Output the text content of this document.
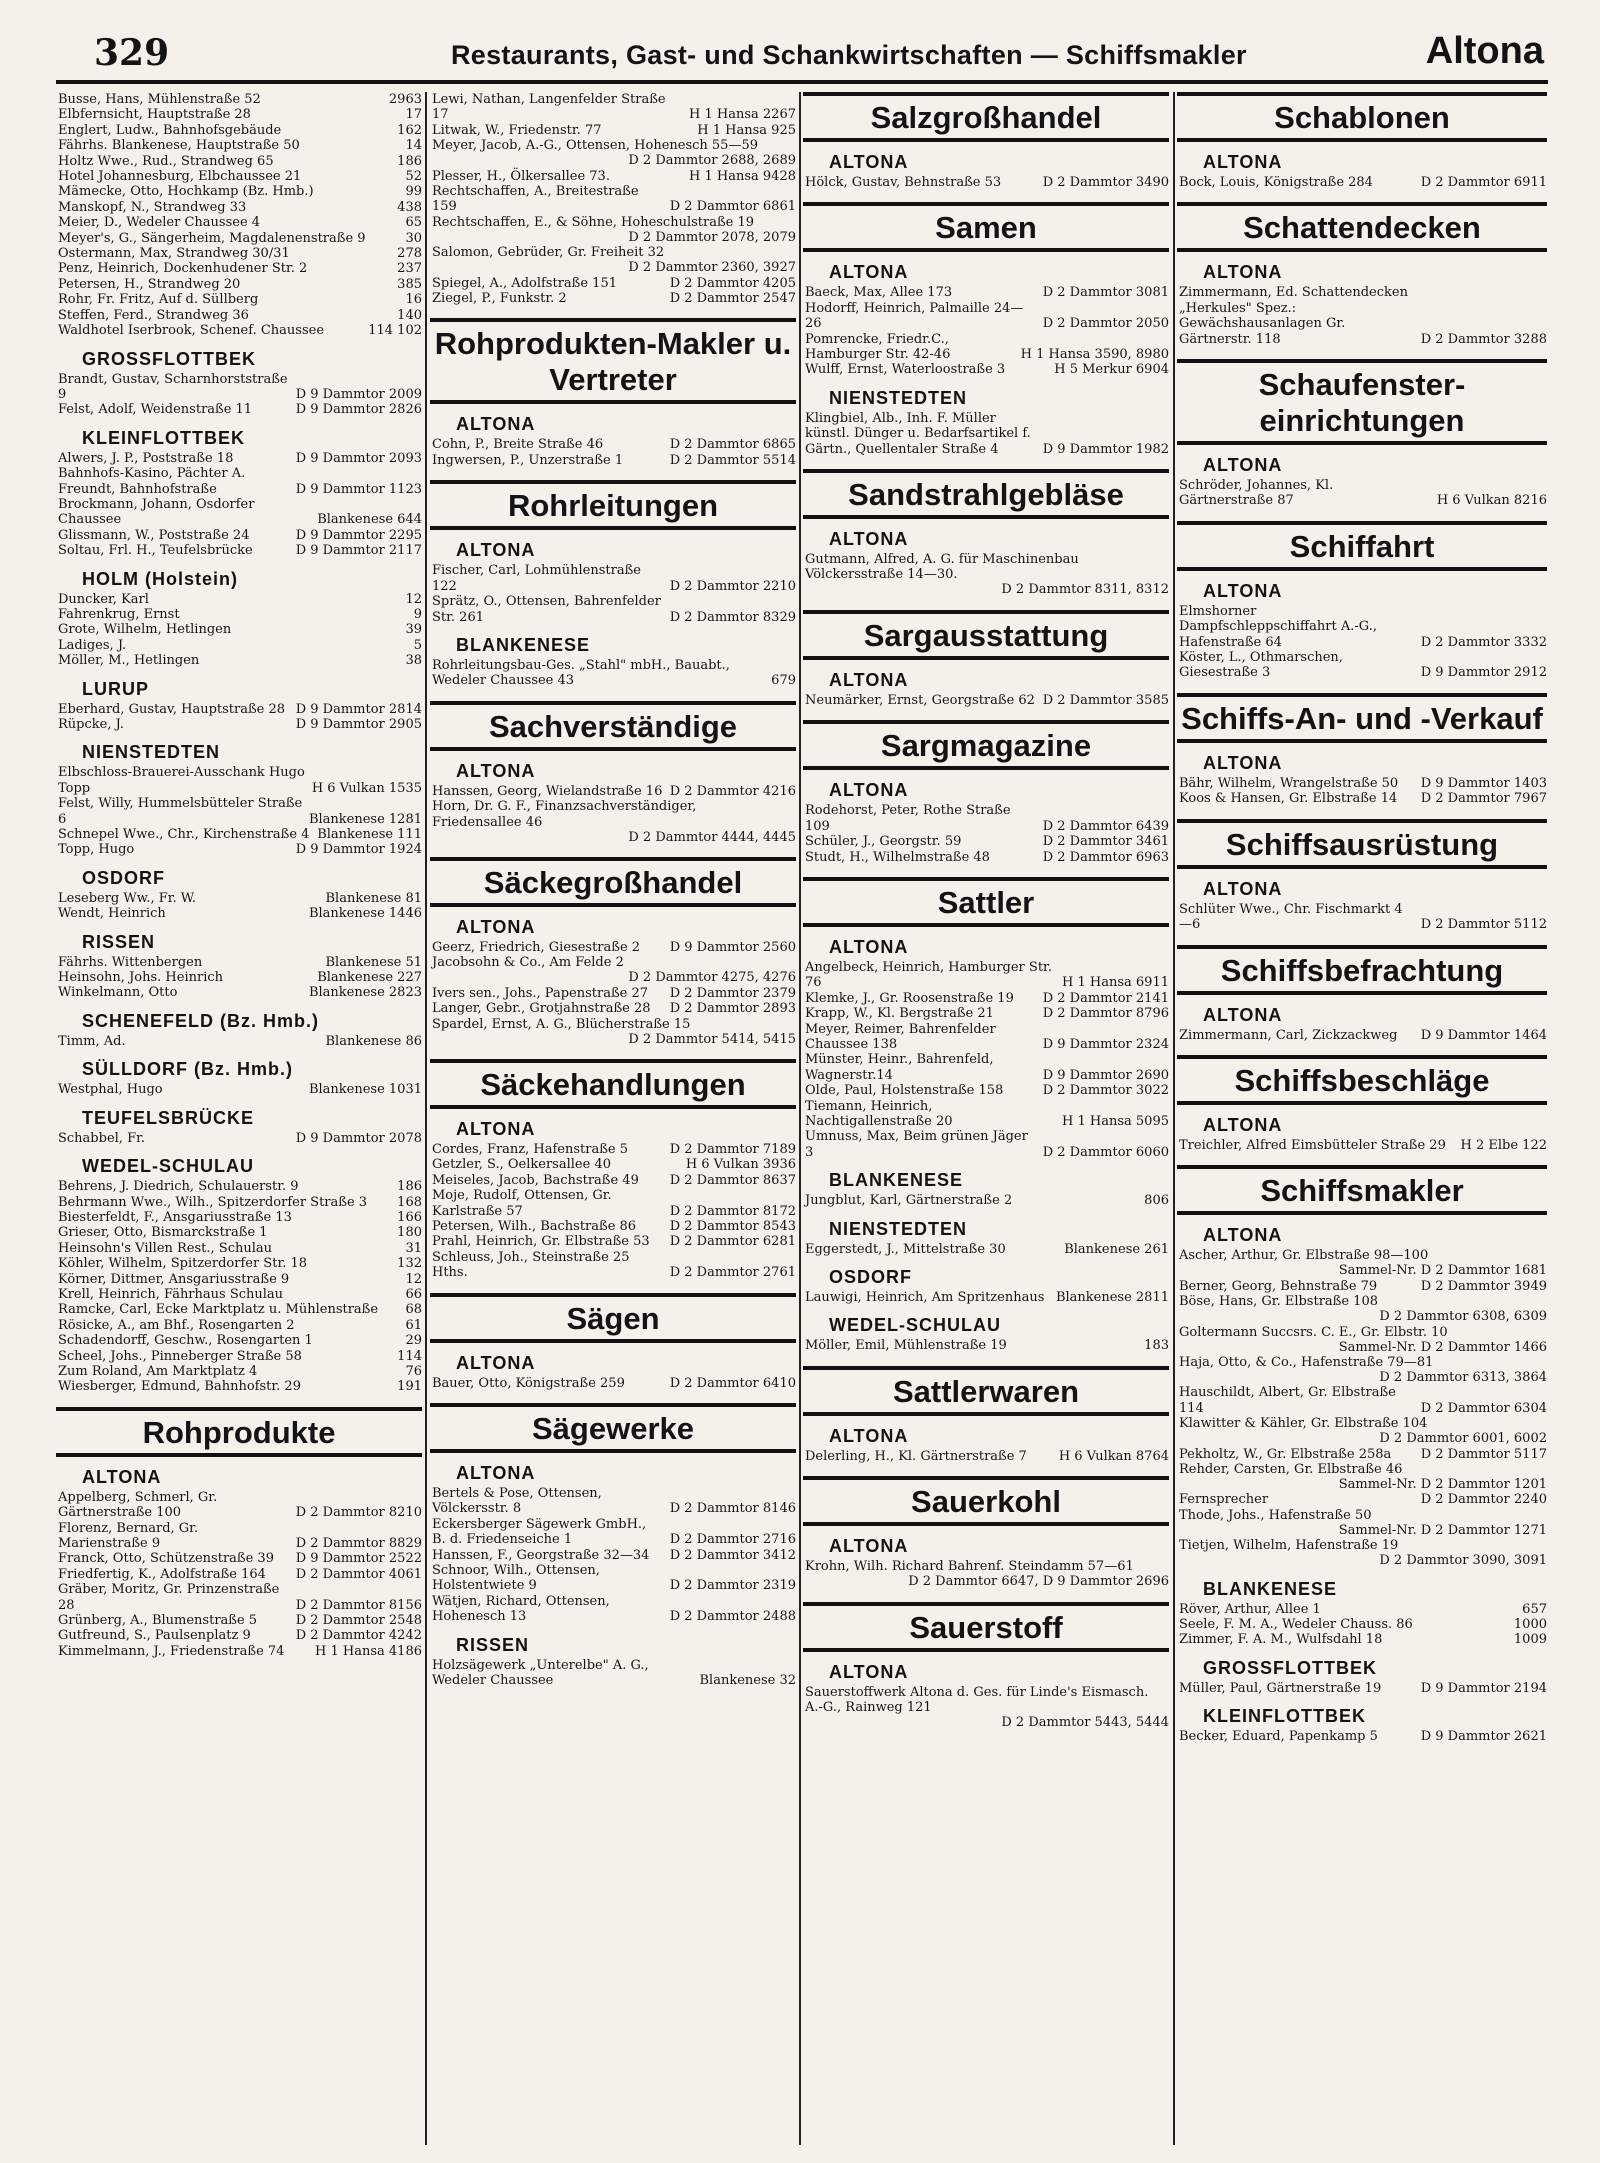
329	Restaurants, Gast- und Schankwirtschaften — Schiffsmakler	Altona
Busse, Hans, Mühlenstraße 52	2963
Elbfernsicht, Hauptstraße 28	17
Englert, Ludw., Bahnhofsgebäude	162
Fährhs. Blankenese, Hauptstraße 50	14
Holtz Wwe., Rud., Strandweg 65	186
Hotel Johannesburg, Elbchaussee 21	52
Mämecke, Otto, Hochkamp (Bz. Hmb.)	99
Manskopf, N., Strandweg 33	438
Meier, D., Wedeler Chaussee 4	65
Meyer's, G., Sängerheim, Magdalenenstraße 9	30
Ostermann, Max, Strandweg 30/31	278
Penz, Heinrich, Dockenhudener Str. 2	237
Petersen, H., Strandweg 20	385
Rohr, Fr. Fritz, Auf d. Süllberg	16
Steffen, Ferd., Strandweg 36	140
Waldhotel Iserbrook, Schenef. Chaussee	114 102
GROSSFLOTTBEK
Brandt, Gustav, Scharnhorststraße 9	D 9 Dammtor 2009
Felst, Adolf, Weidenstraße 11	D 9 Dammtor 2826
KLEINFLOTTBEK
Alwers, J. P., Poststraße 18	D 9 Dammtor 2093
Bahnhofs-Kasino, Pächter A. Freundt, Bahnhofstraße	D 9 Dammtor 1123
Brockmann, Johann, Osdorfer Chaussee	Blankenese 644
Glissmann, W., Poststraße 24	D 9 Dammtor 2295
Soltau, Frl. H., Teufelsbrücke	D 9 Dammtor 2117
HOLM (Holstein)
Duncker, Karl	12
Fahrenkrug, Ernst	9
Grote, Wilhelm, Hetlingen	39
Ladiges, J.	5
Möller, M., Hetlingen	38
LURUP
Eberhard, Gustav, Hauptstraße 28 D 9 Dammtor 2814
Rüpcke, J.	D 9 Dammtor 2905
NIENSTEDTEN
Elbschloss-Brauerei-Ausschank Hugo Topp	H 6 Vulkan 1535
Felst, Willy, Hummelsbütteler Straße 6	Blankenese 1281
Schnepel Wwe., Chr., Kirchenstraße 4 Blankenese 111
Topp, Hugo	D 9 Dammtor 1924
OSDORF
Leseberg Ww., Fr. W.	Blankenese 81
Wendt, Heinrich	Blankenese 1446
RISSEN
Fährhs. Wittenbergen	Blankenese 51
Heinsohn, Johs. Heinrich	Blankenese 227
Winkelmann, Otto	Blankenese 2823
SCHENEFELD (Bz. Hmb.)
Timm, Ad.	Blankenese 86
SÜLLDORF (Bz. Hmb.)
Westphal, Hugo	Blankenese 1031
TEUFELSBRÜCKE
Schabbel, Fr.	D 9 Dammtor 2078
WEDEL-SCHULAU
Behrens, J. Diedrich, Schulauerstr. 9	186
Behrmann Wwe., Wilh., Spitzerdorfer Straße 3 168
Biesterfeldt, F., Ansgariusstraße 13	166
Grieser, Otto, Bismarckstraße 1	180
Heinsohn's Villen Rest., Schulau	31
Köhler, Wilhelm, Spitzerdorfer Str. 18	132
Körner, Dittmer, Ansgariusstraße 9	12
Krell, Heinrich, Fährhaus Schulau	66
Ramcke, Carl, Ecke Marktplatz u. Mühlenstraße 68
Rösicke, A., am Bhf., Rosengarten 2	61
Schadendorff, Geschw., Rosengarten 1	29
Scheel, Johs., Pinneberger Straße 58	114
Zum Roland, Am Marktplatz 4	76
Wiesberger, Edmund, Bahnhofstr. 29	191
Rohprodukte
ALTONA
Appelberg, Schmerl, Gr. Gärtnerstraße 100	D 2 Dammtor 8210
Florenz, Bernard, Gr. Marienstraße 9	D 2 Dammtor 8829
Franck, Otto, Schützenstraße 39 D 9 Dammtor 2522
Friedfertig, K., Adolfstraße 164 D 2 Dammtor 4061
Gräber, Moritz, Gr. Prinzenstraße 28	D 2 Dammtor 8156
Grünberg, A., Blumenstraße 5	D 2 Dammtor 2548
Gutfreund, S., Paulsenplatz 9	D 2 Dammtor 4242
Kimmelmann, J., Friedenstraße 74 H 1 Hansa 4186
Lewi, Nathan, Langenfelder Straße 17	H 1 Hansa 2267
Litwak, W., Friedenstr. 77	H 1 Hansa 925
Meyer, Jacob, A.-G., Ottensen, Hohenesch 55—59
D 2 Dammtor 2688, 2689
Plesser, H., Ölkersallee 73.	H 1 Hansa 9428
Rechtschaffen, A., Breitestraße 159	D 2 Dammtor 6861
Rechtschaffen, E., & Söhne, Hoheschulstraße 19
D 2 Dammtor 2078, 2079
Salomon, Gebrüder, Gr. Freiheit 32
D 2 Dammtor 2360, 3927
Spiegel, A., Adolfstraße 151	D 2 Dammtor 4205
Ziegel, P., Funkstr. 2	D 2 Dammtor 2547
Rohprodukten-Makler u. Vertreter
ALTONA
Cohn, P., Breite Straße 46	D 2 Dammtor 6865
Ingwersen, P., Unzerstraße 1	D 2 Dammtor 5514
Rohrleitungen
ALTONA
Fischer, Carl, Lohmühlenstraße 122	D 2 Dammtor 2210
Sprätz, O., Ottensen, Bahrenfelder Str. 261	D 2 Dammtor 8329
BLANKENESE
Rohrleitungsbau-Ges. „Stahl" mbH., Bauabt., Wedeler Chaussee 43	679
Sachverständige
ALTONA
Hanssen, Georg, Wielandstraße 16 D 2 Dammtor 4216
Horn, Dr. G. F., Finanzsachverständiger, Friedensallee 46
D 2 Dammtor 4444, 4445
Säckegroßhandel
ALTONA
Geerz, Friedrich, Giesestraße 2 D 9 Dammtor 2560
Jacobsohn & Co., Am Felde 2
D 2 Dammtor 4275, 4276
Ivers sen., Johs., Papenstraße 27 D 2 Dammtor 2379
Langer, Gebr., Grotjahnstraße 28 D 2 Dammtor 2893
Spardel, Ernst, A. G., Blücherstraße 15
D 2 Dammtor 5414, 5415
Säckehandlungen
ALTONA
Cordes, Franz, Hafenstraße 5	D 2 Dammtor 7189
Getzler, S., Oelkersallee 40	H 6 Vulkan 3936
Meiseles, Jacob, Bachstraße 49 D 2 Dammtor 8637
Moje, Rudolf, Ottensen, Gr. Karlstraße 57	D 2 Dammtor 8172
Petersen, Wilh., Bachstraße 86	D 2 Dammtor 8543
Prahl, Heinrich, Gr. Elbstraße 53 D 2 Dammtor 6281
Schleuss, Joh., Steinstraße 25 Hths.	D 2 Dammtor 2761
Sägen
ALTONA
Bauer, Otto, Königstraße 259	D 2 Dammtor 6410
Sägewerke
ALTONA
Bertels & Pose, Ottensen, Völckersstr. 8	D 2 Dammtor 8146
Eckersberger Sägewerk GmbH., B. d. Friedenseiche 1	D 2 Dammtor 2716
Hanssen, F., Georgstraße 32—34 D 2 Dammtor 3412
Schnoor, Wilh., Ottensen, Holstentwiete 9	D 2 Dammtor 2319
Wätjen, Richard, Ottensen, Hohenesch 13	D 2 Dammtor 2488
RISSEN
Holzsägewerk „Unterelbe" A. G., Wedeler Chaussee	Blankenese 32
Salzgroßhandel
ALTONA
Hölck, Gustav, Behnstraße 53	D 2 Dammtor 3490
Samen
ALTONA
Baeck, Max, Allee 173	D 2 Dammtor 3081
Hodorff, Heinrich, Palmaille 24—26	D 2 Dammtor 2050
Pomrencke, Friedr.C., Hamburger Str. 42-46	H 1 Hansa 3590, 8980
Wulff, Ernst, Waterloostraße 3	H 5 Merkur 6904
NIENSTEDTEN
Klingbiel, Alb., Inh. F. Müller künstl. Dünger u. Bedarfsartikel f. Gärtn., Quellentaler Straße 4	D 9 Dammtor 1982
Sandstrahlgebläse
ALTONA
Gutmann, Alfred, A. G. für Maschinenbau Völckersstraße 14—30.
D 2 Dammtor 8311, 8312
Sargausstattung
ALTONA
Neumärker, Ernst, Georgstraße 62 D 2 Dammtor 3585
Sargmagazine
ALTONA
Rodehorst, Peter, Rothe Straße 109	D 2 Dammtor 6439
Schüler, J., Georgstr. 59	D 2 Dammtor 3461
Studt, H., Wilhelmstraße 48	D 2 Dammtor 6963
Sattler
ALTONA
Angelbeck, Heinrich, Hamburger Str. 76	H 1 Hansa 6911
Klemke, J., Gr. Roosenstraße 19 D 2 Dammtor 2141
Krapp, W., Kl. Bergstraße 21	D 2 Dammtor 8796
Meyer, Reimer, Bahrenfelder Chaussee 138	D 9 Dammtor 2324
Münster, Heinr., Bahrenfeld, Wagnerstr.14	D 9 Dammtor 2690
Olde, Paul, Holstenstraße 158	D 2 Dammtor 3022
Tiemann, Heinrich, Nachtigallenstraße 20	H 1 Hansa 5095
Umnuss, Max, Beim grünen Jäger 3	D 2 Dammtor 6060
BLANKENESE
Jungblut, Karl, Gärtnerstraße 2	806
NIENSTEDTEN
Eggerstedt, J., Mittelstraße 30	Blankenese 261
OSDORF
Lauwigi, Heinrich, Am Spritzenhaus Blankenese 2811
WEDEL-SCHULAU
Möller, Emil, Mühlenstraße 19	183
Sattlerwaren
ALTONA
Delerling, H., Kl. Gärtnerstraße 7 H 6 Vulkan 8764
Sauerkohl
ALTONA
Krohn, Wilh. Richard Bahrenf. Steindamm 57—61
D 2 Dammtor 6647, D 9 Dammtor 2696
Sauerstoff
ALTONA
Sauerstoffwerk Altona d. Ges. für Linde's Eismasch. A.-G., Rainweg 121
D 2 Dammtor 5443, 5444
Schablonen
ALTONA
Bock, Louis, Königstraße 284	D 2 Dammtor 6911
Schattendecken
ALTONA
Zimmermann, Ed. Schattendecken „Herkules" Spez.: Gewächshausanlagen Gr. Gärtnerstr. 118	D 2 Dammtor 3288
Schaufenster-einrichtungen
ALTONA
Schröder, Johannes, Kl. Gärtnerstraße 87	H 6 Vulkan 8216
Schiffahrt
ALTONA
Elmshorner Dampfschleppschiffahrt A.-G., Hafenstraße 64	D 2 Dammtor 3332
Köster, L., Othmarschen, Giesestraße 3	D 9 Dammtor 2912
Schiffs-An- und -Verkauf
ALTONA
Bähr, Wilhelm, Wrangelstraße 50 D 9 Dammtor 1403
Koos & Hansen, Gr. Elbstraße 14 D 2 Dammtor 7967
Schiffsausrüstung
ALTONA
Schlüter Wwe., Chr. Fischmarkt 4—6	D 2 Dammtor 5112
Schiffsbefrachtung
ALTONA
Zimmermann, Carl, Zickzackweg D 9 Dammtor 1464
Schiffsbeschläge
ALTONA
Treichler, Alfred Eimsbütteler Straße 29 H 2 Elbe 122
Schiffsmakler
ALTONA
Ascher, Arthur, Gr. Elbstraße 98—100
Sammel-Nr. D 2 Dammtor 1681
Berner, Georg, Behnstraße 79	D 2 Dammtor 3949
Böse, Hans, Gr. Elbstraße 108
D 2 Dammtor 6308, 6309
Goltermann Succsrs. C. E., Gr. Elbstr. 10
Sammel-Nr. D 2 Dammtor 1466
Haja, Otto, & Co., Hafenstraße 79—81
D 2 Dammtor 6313, 3864
Hauschildt, Albert, Gr. Elbstraße 114	D 2 Dammtor 6304
Klawitter & Kähler, Gr. Elbstraße 104
D 2 Dammtor 6001, 6002
Pekholtz, W., Gr. Elbstraße 258a D 2 Dammtor 5117
Rehder, Carsten, Gr. Elbstraße 46
Sammel-Nr. D 2 Dammtor 1201
Fernsprecher	D 2 Dammtor 2240
Thode, Johs., Hafenstraße 50
Sammel-Nr. D 2 Dammtor 1271
Tietjen, Wilhelm, Hafenstraße 19
D 2 Dammtor 3090, 3091
BLANKENESE
Röver, Arthur, Allee 1	657
Seele, F. M. A., Wedeler Chauss. 86	1000
Zimmer, F. A. M., Wulfsdahl 18	1009
GROSSFLOTTBEK
Müller, Paul, Gärtnerstraße 19	D 9 Dammtor 2194
KLEINFLOTTBEK
Becker, Eduard, Papenkamp 5	D 9 Dammtor 2621
